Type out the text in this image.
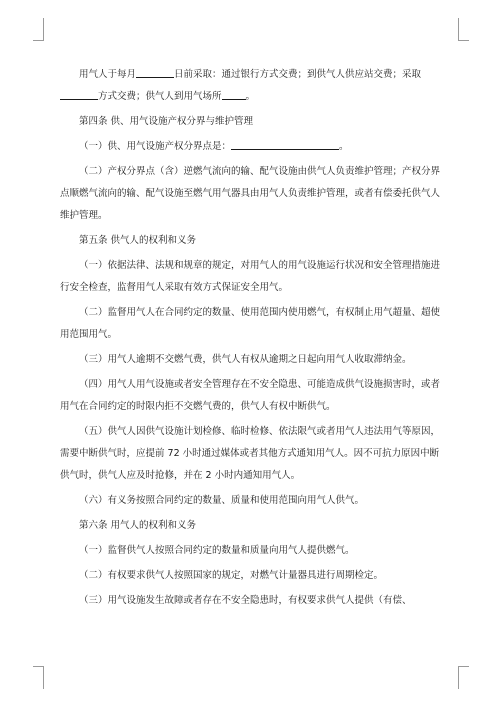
用气人于每月	日前采取：通过银行方式交费；到供气人供应站交费；采取方式交费；供气人到用气场所	。

第四条 供、用气设施产权分界与维护管理

（一）供、用气设施产权分界点是：	。

（二）产权分界点（含）逆燃气流向的输、配气设施由供气人负责维护管理；产权分界点顺燃气流向的输、配气设施至燃气用气器具由用气人负责维护管理，或者有偿委托供气人维护管理。

第五条 供气人的权利和义务

（一）依据法律、法规和规章的规定，对用气人的用气设施运行状况和安全管理措施进行安全检查，监督用气人采取有效方式保证安全用气。

（二）监督用气人在合同约定的数量、使用范围内使用燃气，有权制止用气超量、超使用范围用气。

（三）用气人逾期不交燃气费，供气人有权从逾期之日起向用气人收取滞纳金。

（四）用气人用气设施或者安全管理存在不安全隐患、可能造成供气设施损害时，或者用气在合同约定的时限内拒不交燃气费的，供气人有权中断供气。

（五）供气人因供气设施计划检修、临时检修、依法限气或者用气人违法用气等原因，需要中断供气时，应提前 72 小时通过媒体或者其他方式通知用气人。因不可抗力原因中断供气时，供气人应及时抢修，并在 2 小时内通知用气人。

（六）有义务按照合同约定的数量、质量和使用范围向用气人供气。

第六条 用气人的权利和义务

（一）监督供气人按照合同约定的数量和质量向用气人提供燃气。

（二）有权要求供气人按照国家的规定，对燃气计量器具进行周期检定。

（三）用气设施发生故障或者存在不安全隐患时，有权要求供气人提供（有偿、
